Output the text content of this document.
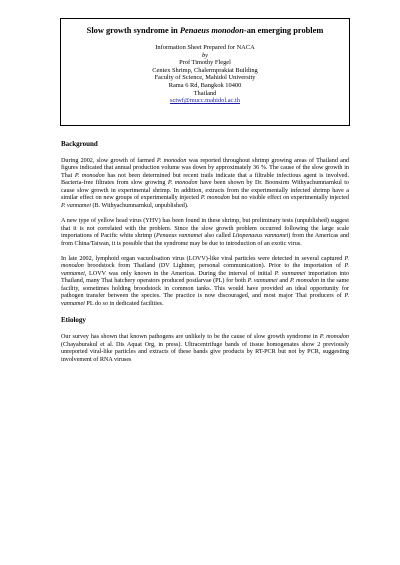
Slow growth syndrome in Penaeus monodon-an emerging problem
Information Sheet Prepared for NACA
by
Prof Timothy Flegel
Centex Shrimp, Chalermprakiat Building
Faculty of Science, Mahidol University
Rama 6 Rd, Bangkok 10400
Thailand
sctwf@mucc.mahidol.ac.th
Background

During 2002, slow growth of farmed P. monodon was reported throughout shrimp growing areas of Thailand and figures indicated that annual production volume was down by approximately 36 %. The cause of the slow growth in Thai P. monodon has not been determined but recent trails indicate that a filtrable infectious agent is involved. Bacteria-free filtrates from slow growing P. monodon have been shown by Dr. Boonsirm Withyachumnarnkul to cause slow growth in experimental shrimp. In addition, extracts from the experimentally infected shrimp have a similar effect on new groups of experimentally injected P. monodon but no visible effect on experimentally injected P. vannamei (B. Withyachumnarnkul, unpublished).

A new type of yellow head virus (YHV) has been found in these shrimp, but preliminary tests (unpublished) suggest that it is not correlated with the problem. Since the slow growth problem occurred following the large scale importations of Pacific white shrimp (Penaeus vannamei also called Litopenaeus vannamei) from the Americas and from China/Taiwan, it is possible that the syndrome may be due to introduction of an exotic virus.

In late 2002, lymphoid organ vacuolisation virus (LOVV)-like viral particles were detected in several captured P. monodon broodstock from Thailand (DV Lightner, personal communication). Prior to the importation of P. vannamei, LOVV was only known in the Americas. During the interval of initial P. vannamei importation into Thailand, many Thai hatchery operators produced postlarvae (PL) for both P. vannamei and P. monodon in the same facility, sometimes holding broodstock in common tanks. This would have provided an ideal opportunity for pathogen transfer between the species. The practice is now discouraged, and most major Thai producers of P. vannamei PL do so in dedicated facilities.

Etiology

Our survey has shown that known pathogens are unlikely to be the cause of slow growth syndrome in P. monodon (Chayaburakul et al. Dis Aquat Org, in press). Ultracentrifuge bands of tissue homogenates show 2 previously unreported viral-like particles and extracts of these bands give products by RT-PCR but not by PCR, suggesting involvement of RNA viruses
